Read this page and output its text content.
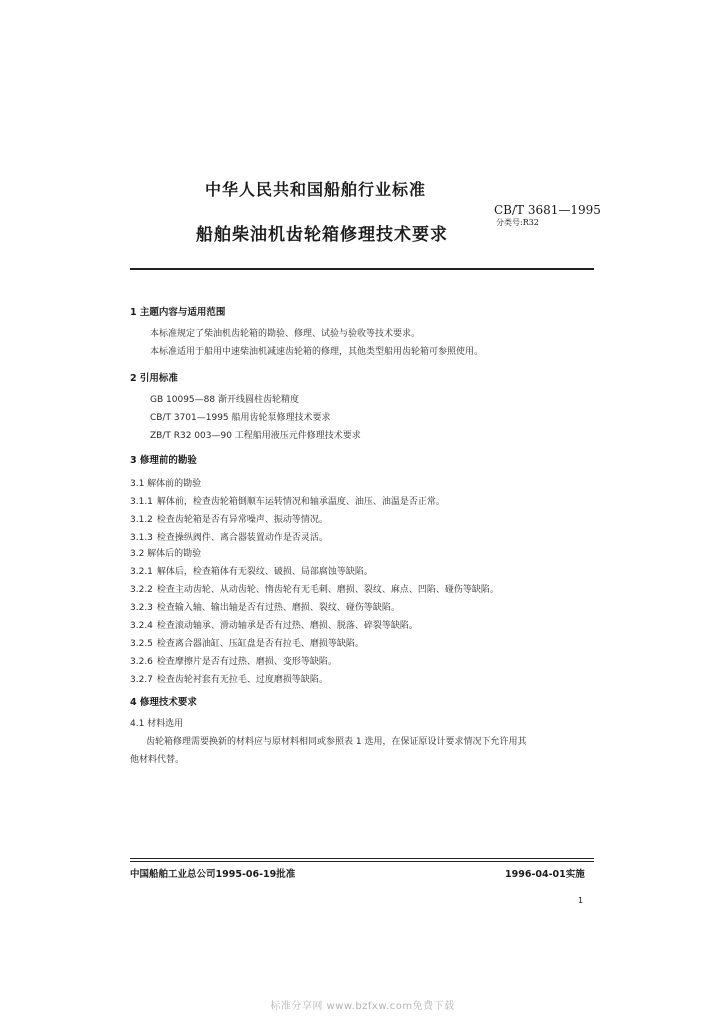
中华人民共和国船舶行业标准
CB/T 3681—1995
分类号:R32
船舶柴油机齿轮箱修理技术要求
1 主题内容与适用范围
本标准规定了柴油机齿轮箱的勘验、修理、试验与验收等技术要求。
本标准适用于船用中速柴油机减速齿轮箱的修理，其他类型船用齿轮箱可参照使用。
2 引用标准
GB 10095—88 渐开线圆柱齿轮精度
CB/T 3701—1995 船用齿轮泵修理技术要求
ZB/T R32 003—90 工程船用液压元件修理技术要求
3 修理前的勘验
3.1 解体前的勘验
3.1.1 解体前，检查齿轮箱倒顺车运转情况和轴承温度、油压、油温是否正常。
3.1.2 检查齿轮箱是否有异常噪声、振动等情况。
3.1.3 检查操纵阀件、离合器装置动作是否灵活。
3.2 解体后的勘验
3.2.1 解体后，检查箱体有无裂纹、破损、局部腐蚀等缺陷。
3.2.2 检查主动齿轮、从动齿轮、惰齿轮有无毛刺、磨损、裂纹、麻点、凹陷、碰伤等缺陷。
3.2.3 检查输入轴、输出轴是否有过热、磨损、裂纹、碰伤等缺陷。
3.2.4 检查滚动轴承、滑动轴承是否有过热、磨损、脱落、碎裂等缺陷。
3.2.5 检查离合器油缸、压缸盘是否有拉毛、磨损等缺陷。
3.2.6 检查摩擦片是否有过热、磨损、变形等缺陷。
3.2.7 检查齿轮衬套有无拉毛、过度磨损等缺陷。
4 修理技术要求
4.1 材料选用
齿轮箱修理需要换新的材料应与原材料相同或参照表 1 选用，在保证原设计要求情况下允许用其
他材料代替。
中国船舶工业总公司1995-06-19批准	1996-04-01实施
1
标准分享网 www.bzfxw.com免费下载
